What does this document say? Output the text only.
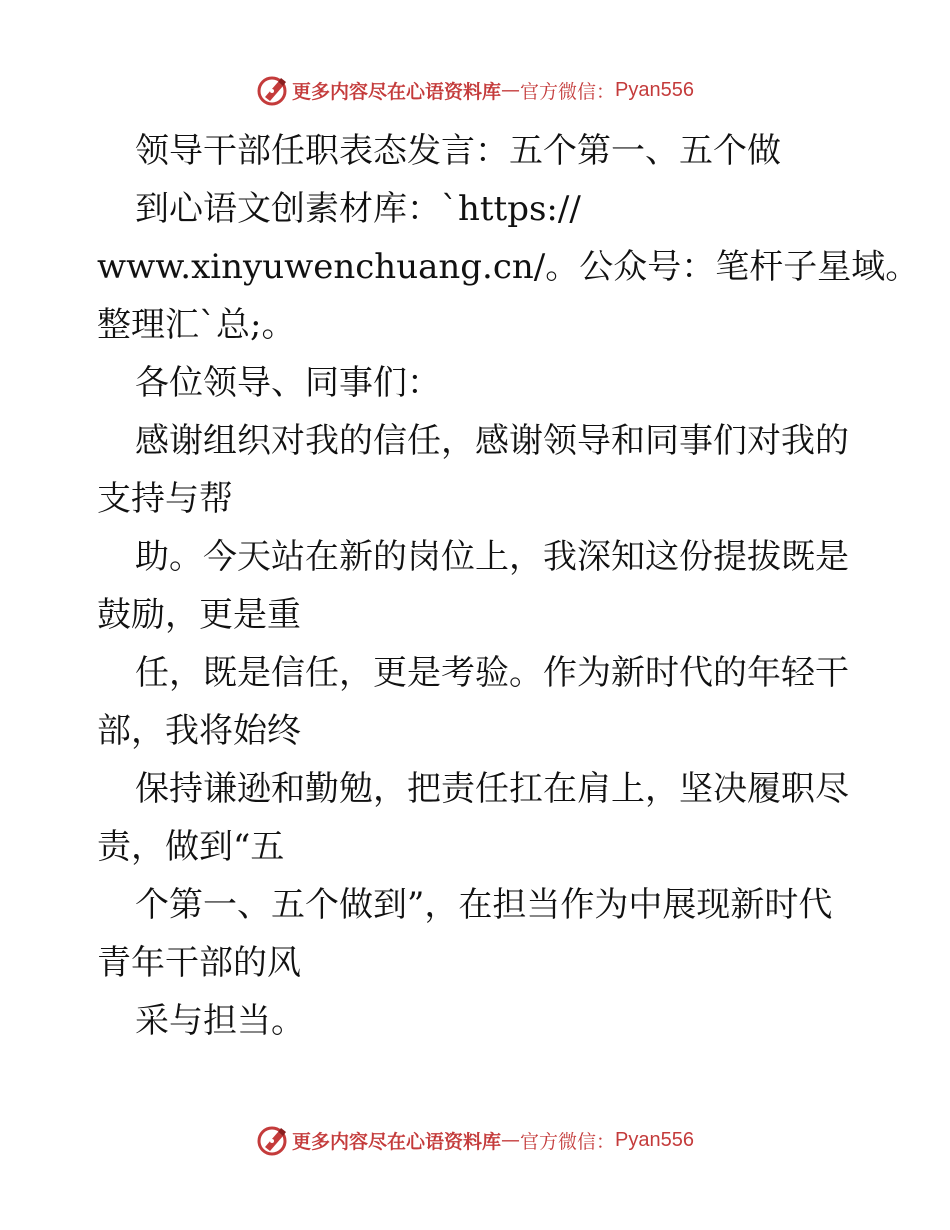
更多内容尽在心语资料库 — 官方微信： Pyan556
领导干部任职表态发言：五个第一、五个做
到心语文创素材库：`https://
www.xinyuwenchuang.cn/。公众号：笔杆子星域。
整理汇`总;。
各位领导、同事们：
感谢组织对我的信任，感谢领导和同事们对我的
支持与帮
助。今天站在新的岗位上，我深知这份提拔既是
鼓励，更是重
任，既是信任，更是考验。作为新时代的年轻干
部，我将始终
保持谦逊和勤勉，把责任扛在肩上，坚决履职尽
责，做到“五
个第一、五个做到”，在担当作为中展现新时代
青年干部的风
采与担当。
更多内容尽在心语资料库 — 官方微信： Pyan556
